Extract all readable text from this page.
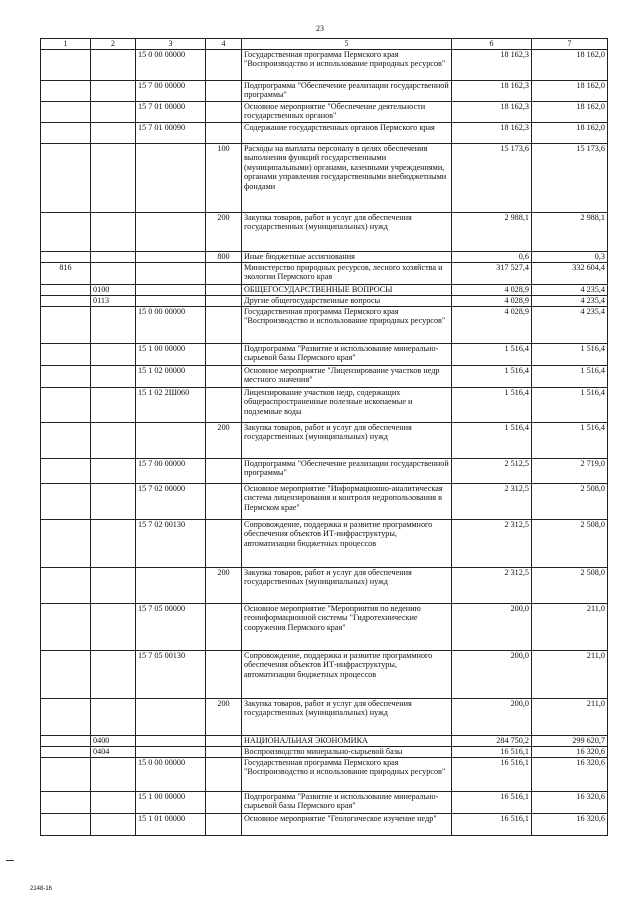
23
1	2	3	4	5	6	7
		15 0 00 00000		Государственная программа Пермского края "Воспроизводство и использование природных ресурсов"	18 162,3	18 162,0
		15 7 00 00000		Подпрограмма "Обеспечение реализации государственной программы"	18 162,3	18 162,0
		15 7 01 00000		Основное мероприятие "Обеспечение деятельности государственных органов"	18 162,3	18 162,0
		15 7 01 00090		Содержание государственных органов Пермского края	18 162,3	18 162,0
			100	Расходы на выплаты персоналу в целях обеспечения выполнения функций государственными (муниципальными) органами, казенными учреждениями, органами управления государственными внебюджетными фондами	15 173,6	15 173,6
			200	Закупка товаров, работ и услуг для обеспечения государственных (муниципальных) нужд	2 988,1	2 988,1
			800	Иные бюджетные ассигнования	0,6	0,3
816				Министерство природных ресурсов, лесного хозяйства и экологии Пермского края	317 527,4	332 604,4
	0100			ОБЩЕГОСУДАРСТВЕННЫЕ ВОПРОСЫ	4 028,9	4 235,4
	0113			Другие общегосударственные вопросы	4 028,9	4 235,4
		15 0 00 00000		Государственная программа Пермского края "Воспроизводство и использование природных ресурсов"	4 028,9	4 235,4
		15 1 00 00000		Подпрограмма "Развитие и использование минерально-сырьевой базы Пермского края"	1 516,4	1 516,4
		15 1 02 00000		Основное мероприятие "Лицензирование участков недр местного значения"	1 516,4	1 516,4
		15 1 02 2Ш060		Лицензирование участков недр, содержащих общераспространенные полезные ископаемые и подземные воды	1 516,4	1 516,4
			200	Закупка товаров, работ и услуг для обеспечения государственных (муниципальных) нужд	1 516,4	1 516,4
		15 7 00 00000		Подпрограмма "Обеспечение реализации государственной программы"	2 512,5	2 719,0
		15 7 02 00000		Основное мероприятие "Информационно-аналитическая система лицензирования и контроля недропользования в Пермском крае"	2 312,5	2 508,0
		15 7 02 00130		Сопровождение, поддержка и развитие программного обеспечения объектов ИТ-инфраструктуры, автоматизации бюджетных процессов	2 312,5	2 508,0
			200	Закупка товаров, работ и услуг для обеспечения государственных (муниципальных) нужд	2 312,5	2 508,0
		15 7 05 00000		Основное мероприятие "Мероприятия по ведению геоинформационной системы "Гидротехнические сооружения Пермского края"	200,0	211,0
		15 7 05 00130		Сопровождение, поддержка и развитие программного обеспечения объектов ИТ-инфраструктуры, автоматизации бюджетных процессов	200,0	211,0
			200	Закупка товаров, работ и услуг для обеспечения государственных (муниципальных) нужд	200,0	211,0
	0400			НАЦИОНАЛЬНАЯ ЭКОНОМИКА	284 750,2	299 620,7
	0404			Воспроизводство минерально-сырьевой базы	16 516,1	16 320,6
		15 0 00 00000		Государственная программа Пермского края "Воспроизводство и использование природных ресурсов"	16 516,1	16 320,6
		15 1 00 00000		Подпрограмма "Развитие и использование минерально-сырьевой базы Пермского края"	16 516,1	16 320,6
		15 1 01 00000		Основное мероприятие "Геологическое изучение недр"	16 516,1	16 320,6
2148-16
